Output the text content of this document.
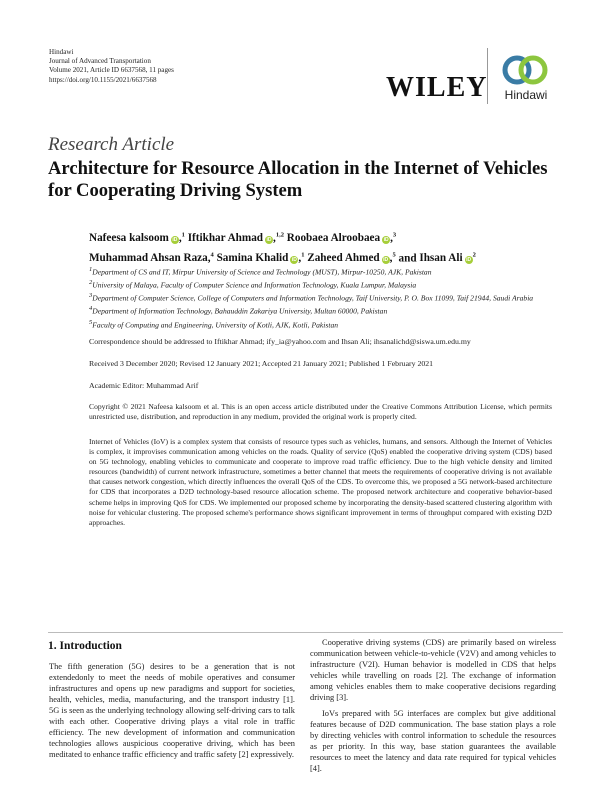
Hindawi
Journal of Advanced Transportation
Volume 2021, Article ID 6637568, 11 pages
https://doi.org/10.1155/2021/6637568	WILEY	Hindawi
Research Article
Architecture for Resource Allocation in the Internet of Vehicles for Cooperating Driving System
Nafeesa kalsoom iD ,$^1$ Iftikhar Ahmad iD ,$^{1,2}$ Roobaea Alroobaea iD ,$^3$
Muhammad Ahsan Raza,$^4$ Samina Khalid iD ,$^1$ Zaheed Ahmed iD ,$^5$ and Ihsan Ali $iD^2$
$^1$Department of CS and IT, Mirpur University of Science and Technology (MUST), Mirpur-10250, AJK, Pakistan
$^2$University of Malaya, Faculty of Computer Science and Information Technology, Kuala Lumpur, Malaysia
$^3$Department of Computer Science, College of Computers and Information Technology, Taif University, P. O. Box 11099, Taif 21944, Saudi Arabia
$^4$Department of Information Technology, Bahauddin Zakariya University, Multan 60000, Pakistan
$^5$Faculty of Computing and Engineering, University of Kotli, AJK, Kotli, Pakistan
Correspondence should be addressed to Iftikhar Ahmad; ify_ia@yahoo.com and Ihsan Ali; ihsanalichd@siswa.um.edu.my
Received 3 December 2020; Revised 12 January 2021; Accepted 21 January 2021; Published 1 February 2021
Academic Editor: Muhammad Arif
Copyright © 2021 Nafeesa kalsoom et al. This is an open access article distributed under the Creative Commons Attribution License, which permits unrestricted use, distribution, and reproduction in any medium, provided the original work is properly cited.
Internet of Vehicles (IoV) is a complex system that consists of resource types such as vehicles, humans, and sensors. Although the Internet of Vehicles is complex, it improvises communication among vehicles on the roads. Quality of service (QoS) enabled the cooperative driving system (CDS) based on 5G technology, enabling vehicles to communicate and cooperate to improve road traffic efficiency. Due to the high vehicle density and limited resources (bandwidth) of current network infrastructure, sometimes a better channel that meets the requirements of cooperative driving is not available that causes network congestion, which directly influences the overall QoS of the CDS. To overcome this, we proposed a 5G network-based architecture for CDS that incorporates a D2D technology-based resource allocation scheme. The proposed network architecture and cooperative behavior-based scheme helps in improving QoS for CDS. We implemented our proposed scheme by incorporating the density-based scattered clustering algorithm with noise for vehicular clustering. The proposed scheme's performance shows significant improvement in terms of throughput compared with existing D2D approaches.
1. Introduction

The fifth generation (5G) desires to be a generation that is not extendedonly to meet the needs of mobile operatives and consumer infrastructures and opens up new paradigms and support for societies, health, vehicles, media, manufacturing, and the transport industry [1]. 5G is seen as the underlying technology allowing self-driving cars to talk with each other. Cooperative driving plays a vital role in traffic efficiency. The new development of information and communication technologies allows auspicious cooperative driving, which has been meditated to enhance traffic efficiency and traffic safety [2] expressively.

Cooperative driving systems (CDS) are primarily based on wireless communication between vehicle-to-vehicle (V2V) and among vehicles to infrastructure (V2I). Human behavior is modelled in CDS that helps vehicles while travelling on roads [2]. The exchange of information among vehicles enables them to make cooperative decisions regarding driving [3].

IoVs prepared with 5G interfaces are complex but give additional features because of D2D communication. The base station plays a role by directing vehicles with control information to schedule the resources as per priority. In this way, base station guarantees the available resources to meet the latency and data rate required for typical vehicles [4].
